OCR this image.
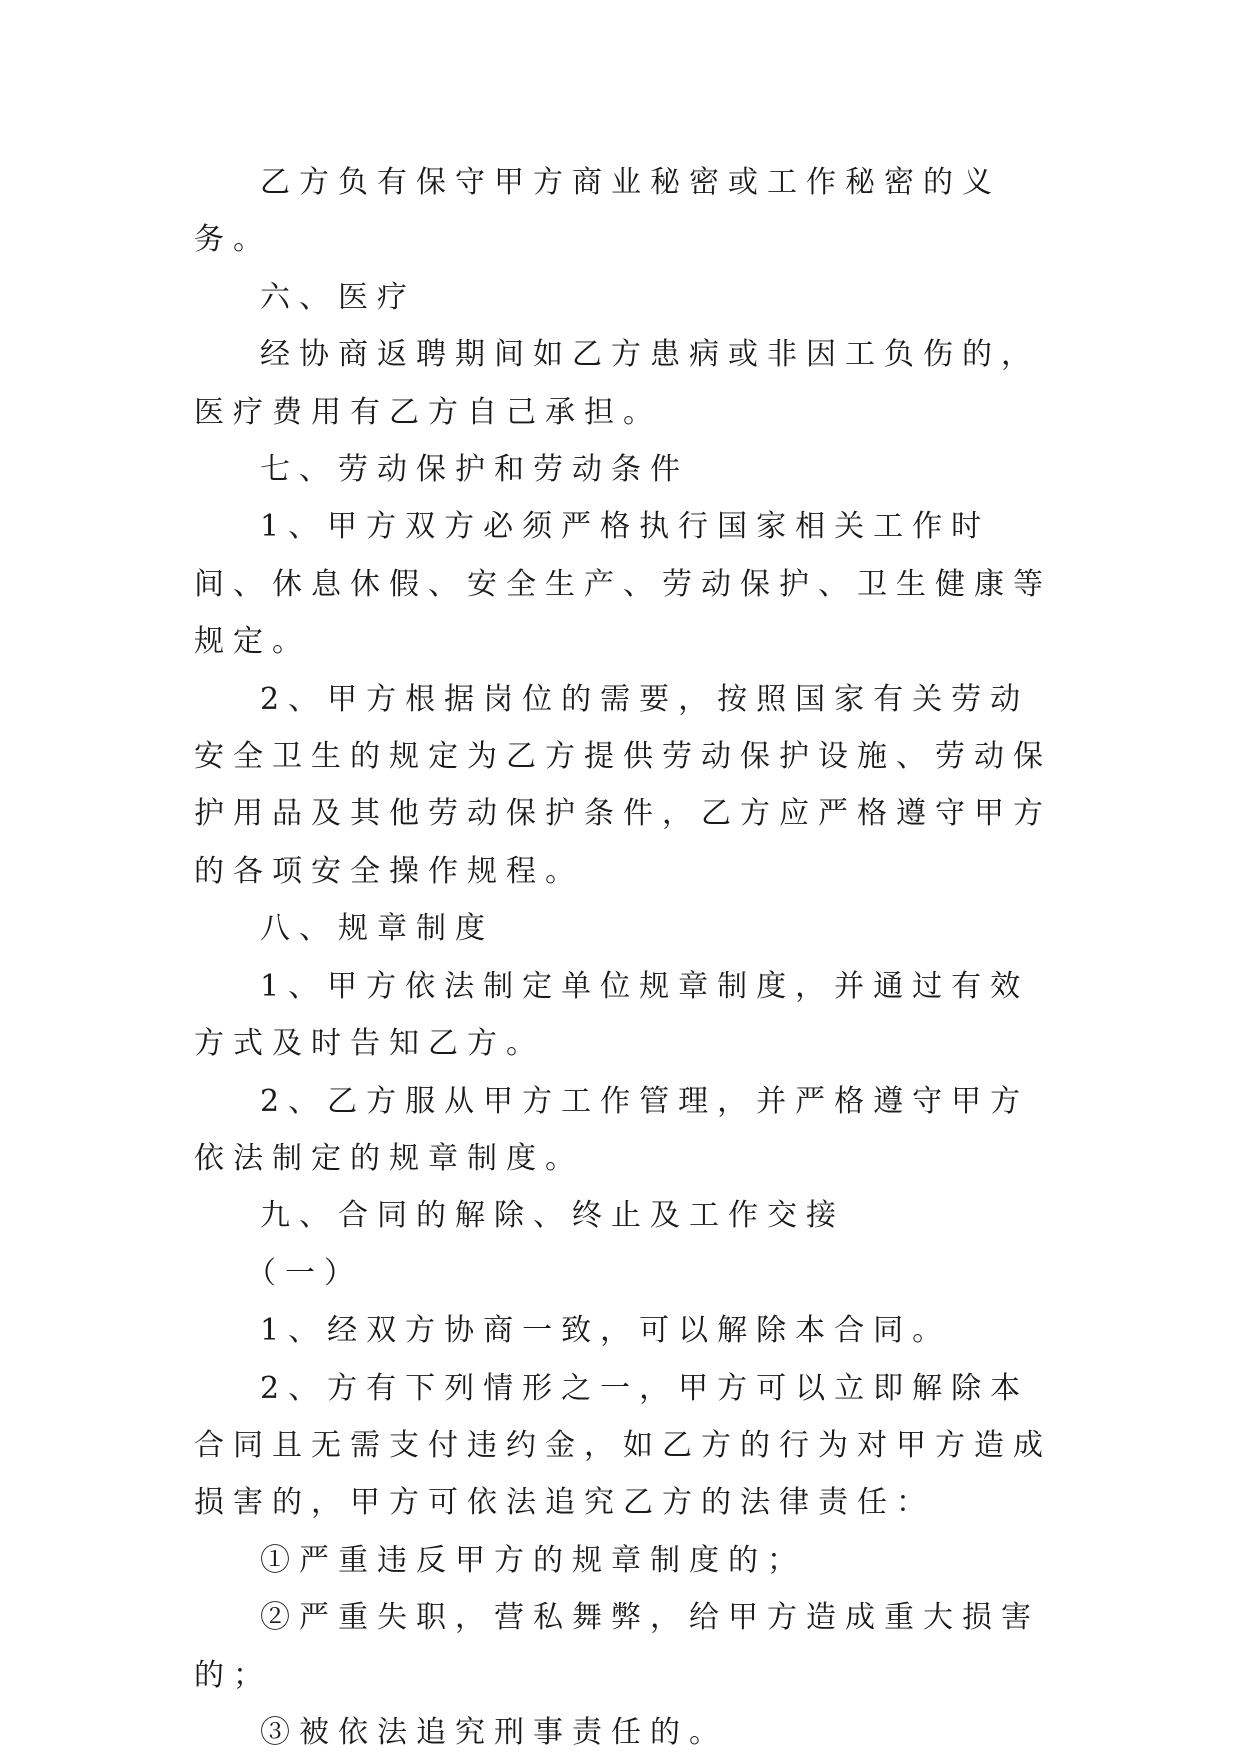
乙方负有保守甲方商业秘密或工作秘密的义务。

六、医疗

经协商返聘期间如乙方患病或非因工负伤的，医疗费用有乙方自己承担。

七、劳动保护和劳动条件

1、甲方双方必须严格执行国家相关工作时间、休息休假、安全生产、劳动保护、卫生健康等规定。

2、甲方根据岗位的需要，按照国家有关劳动安全卫生的规定为乙方提供劳动保护设施、劳动保护用品及其他劳动保护条件，乙方应严格遵守甲方的各项安全操作规程。

八、规章制度

1、甲方依法制定单位规章制度，并通过有效方式及时告知乙方。

2、乙方服从甲方工作管理，并严格遵守甲方依法制定的规章制度。

九、合同的解除、终止及工作交接

（一）

1、经双方协商一致，可以解除本合同。

2、方有下列情形之一，甲方可以立即解除本合同且无需支付违约金，如乙方的行为对甲方造成损害的，甲方可依法追究乙方的法律责任：

①严重违反甲方的规章制度的；

②严重失职，营私舞弊，给甲方造成重大损害的；

③被依法追究刑事责任的。
